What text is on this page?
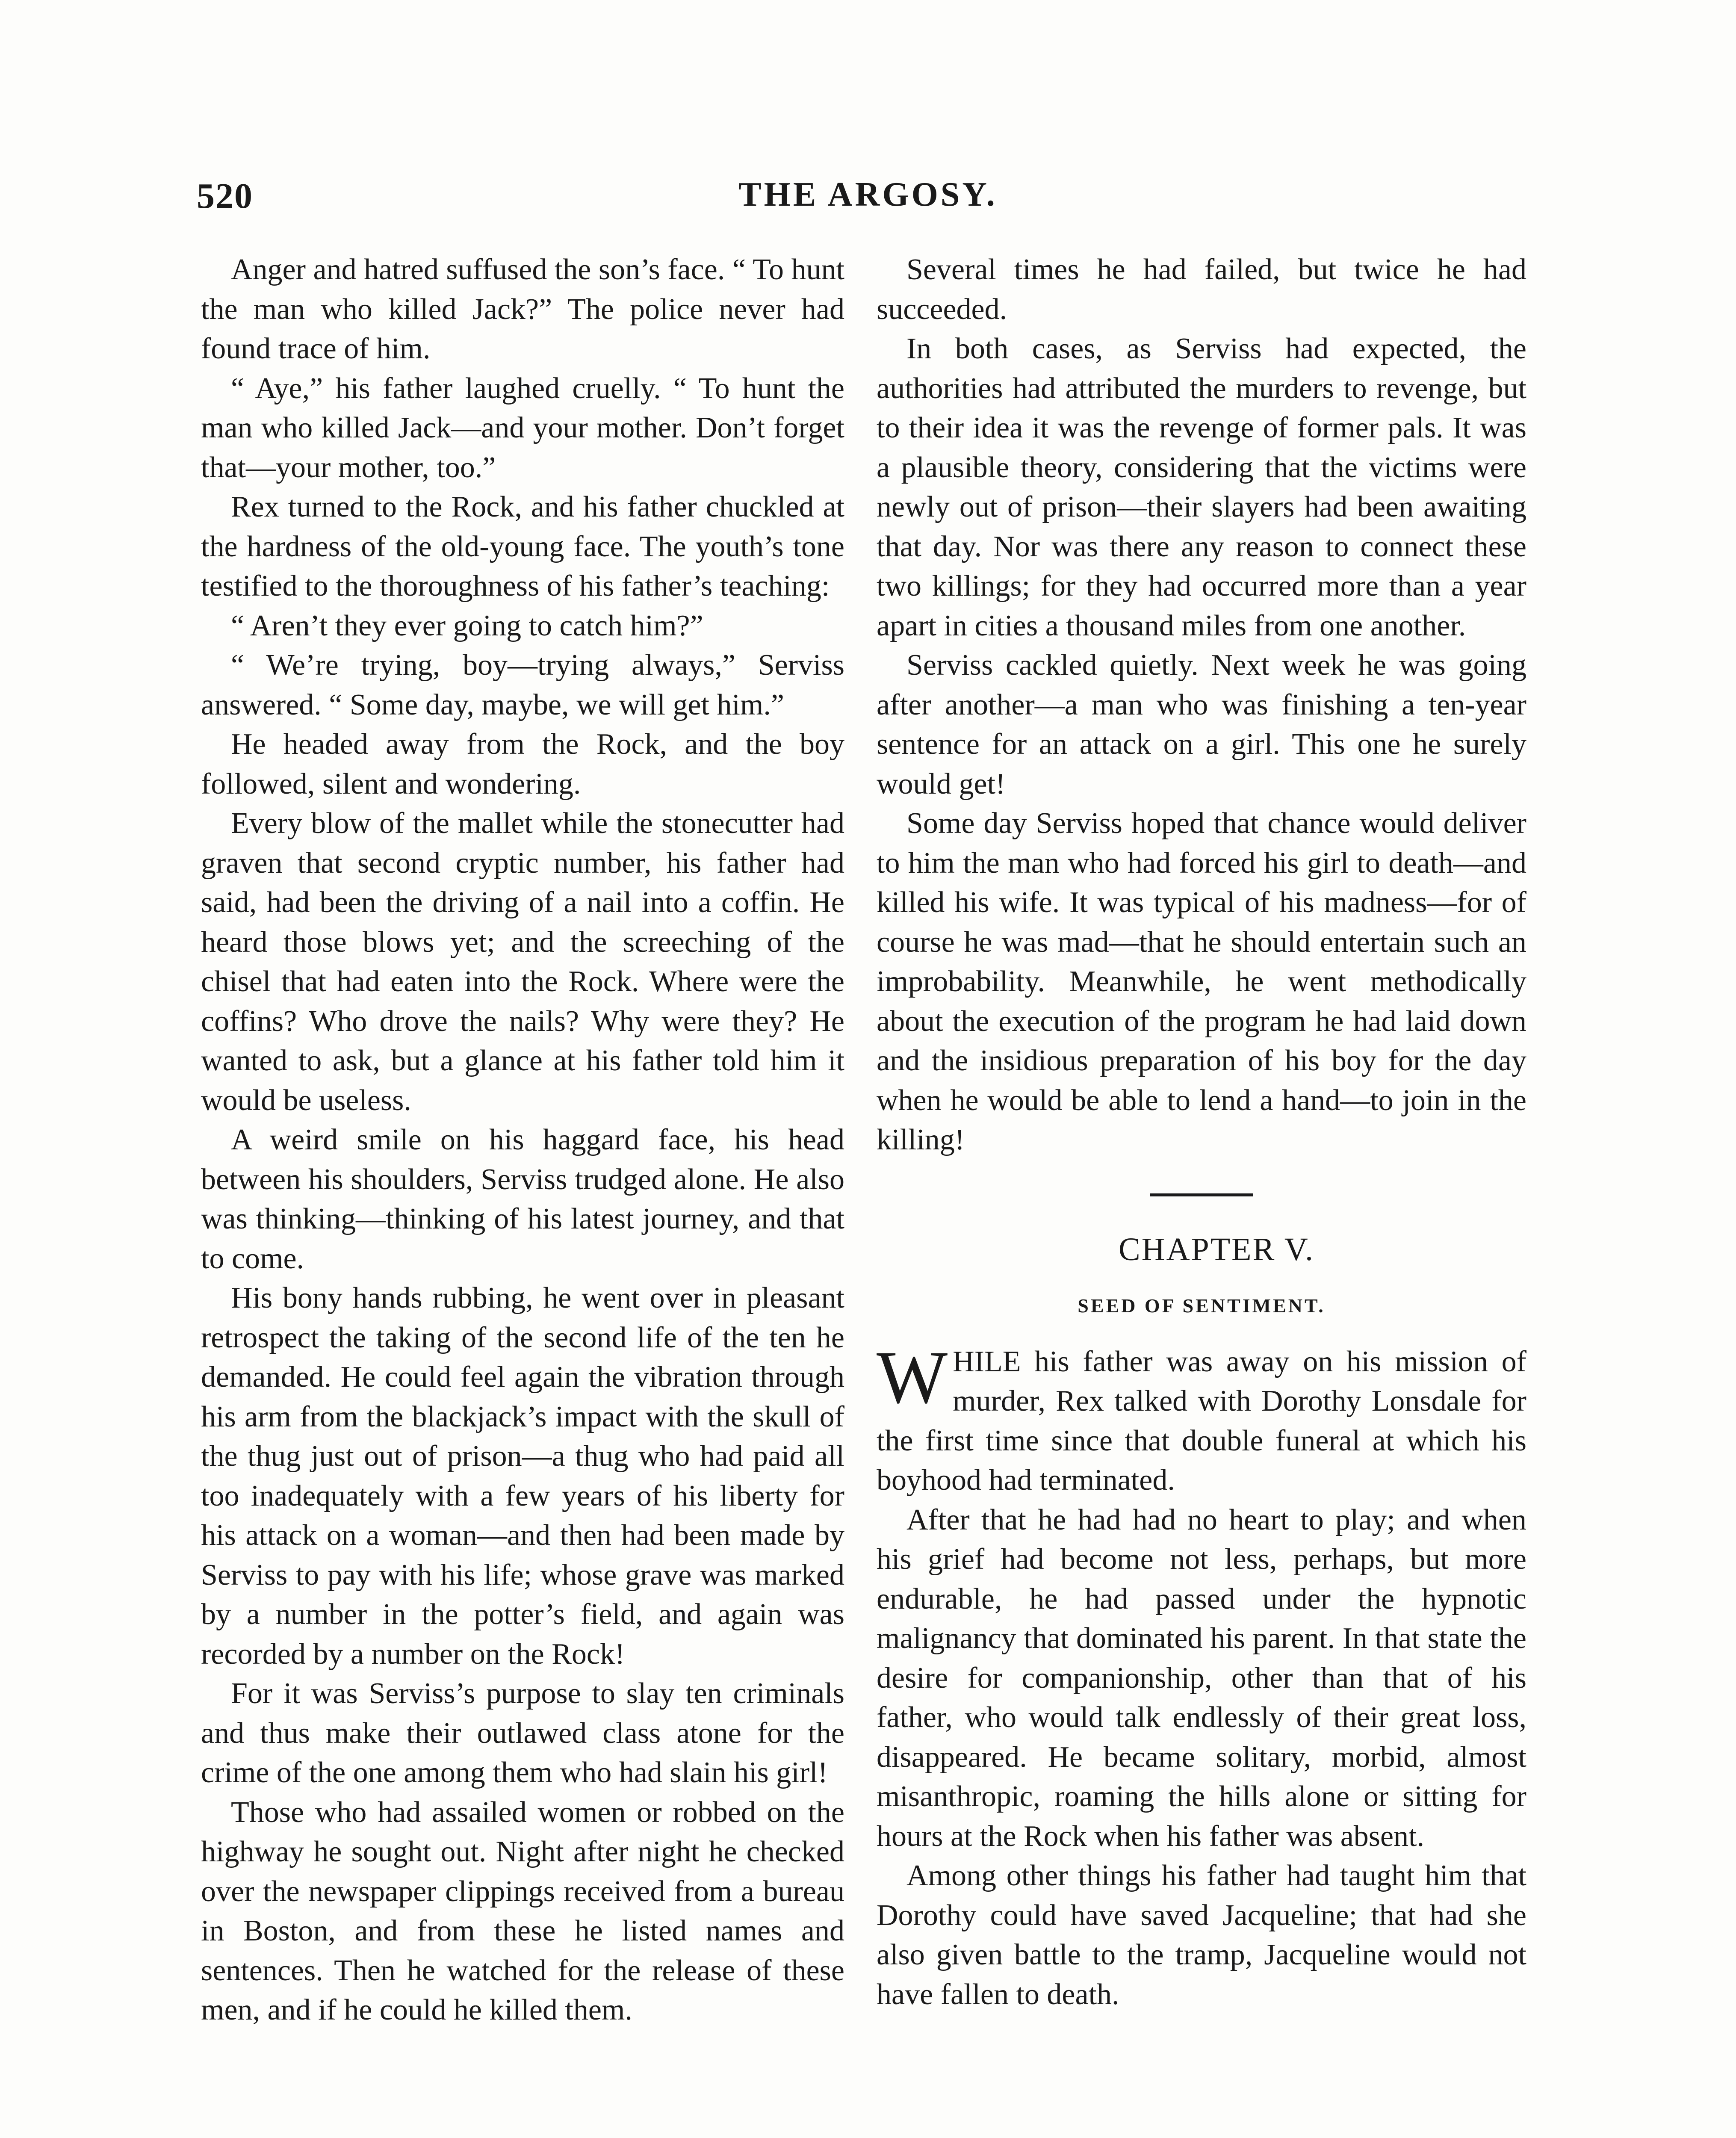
520	THE ARGOSY.

Anger and hatred suffused the son’s face. “ To hunt the man who killed Jack?” The police never had found trace of him.

“ Aye,” his father laughed cruelly. “ To hunt the man who killed Jack—and your mother. Don’t forget that—your mother, too.”

Rex turned to the Rock, and his father chuckled at the hardness of the old-young face. The youth’s tone testified to the thoroughness of his father’s teaching:

“ Aren’t they ever going to catch him?”

“ We’re trying, boy—trying always,” Serviss answered. “ Some day, maybe, we will get him.”

He headed away from the Rock, and the boy followed, silent and wondering.

Every blow of the mallet while the stonecutter had graven that second cryptic number, his father had said, had been the driving of a nail into a coffin. He heard those blows yet; and the screeching of the chisel that had eaten into the Rock. Where were the coffins? Who drove the nails? Why were they? He wanted to ask, but a glance at his father told him it would be useless.

A weird smile on his haggard face, his head between his shoulders, Serviss trudged alone. He also was thinking—thinking of his latest journey, and that to come.

His bony hands rubbing, he went over in pleasant retrospect the taking of the second life of the ten he demanded. He could feel again the vibration through his arm from the blackjack’s impact with the skull of the thug just out of prison—a thug who had paid all too inadequately with a few years of his liberty for his attack on a woman—and then had been made by Serviss to pay with his life; whose grave was marked by a number in the potter’s field, and again was recorded by a number on the Rock!

For it was Serviss’s purpose to slay ten criminals and thus make their outlawed class atone for the crime of the one among them who had slain his girl!

Those who had assailed women or robbed on the highway he sought out. Night after night he checked over the newspaper clippings received from a bureau in Boston, and from these he listed names and sentences. Then he watched for the release of these men, and if he could he killed them.

Several times he had failed, but twice he had succeeded.

In both cases, as Serviss had expected, the authorities had attributed the murders to revenge, but to their idea it was the revenge of former pals. It was a plausible theory, considering that the victims were newly out of prison—their slayers had been awaiting that day. Nor was there any reason to connect these two killings; for they had occurred more than a year apart in cities a thousand miles from one another.

Serviss cackled quietly. Next week he was going after another—a man who was finishing a ten-year sentence for an attack on a girl. This one he surely would get!

Some day Serviss hoped that chance would deliver to him the man who had forced his girl to death—and killed his wife. It was typical of his madness—for of course he was mad—that he should entertain such an improbability. Meanwhile, he went methodically about the execution of the program he had laid down and the insidious preparation of his boy for the day when he would be able to lend a hand—to join in the killing!

CHAPTER V.

SEED OF SENTIMENT.

WHILE his father was away on his mission of murder, Rex talked with Dorothy Lonsdale for the first time since that double funeral at which his boyhood had terminated.

After that he had had no heart to play; and when his grief had become not less, perhaps, but more endurable, he had passed under the hypnotic malignancy that dominated his parent. In that state the desire for companionship, other than that of his father, who would talk endlessly of their great loss, disappeared. He became solitary, morbid, almost misanthropic, roaming the hills alone or sitting for hours at the Rock when his father was absent.

Among other things his father had taught him that Dorothy could have saved Jacqueline; that had she also given battle to the tramp, Jacqueline would not have fallen to death.
